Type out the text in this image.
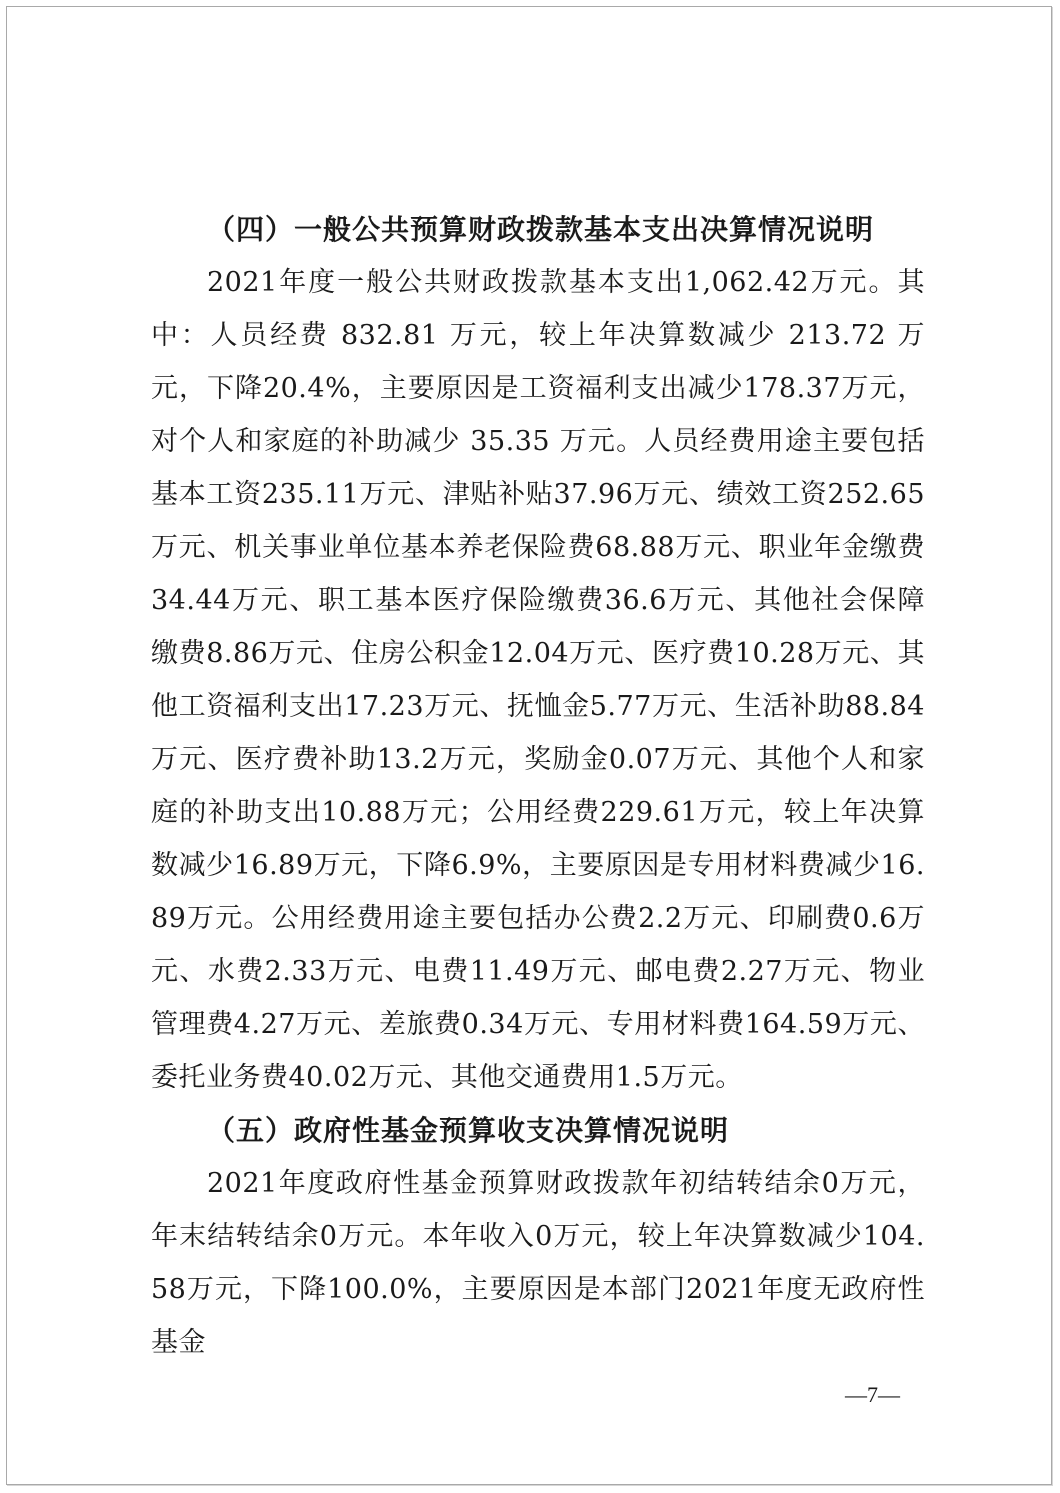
（四）一般公共预算财政拨款基本支出决算情况说明

2021年度一般公共财政拨款基本支出1,062.42万元。其中：人员经费 832.81 万元，较上年决算数减少 213.72 万元，下降20.4%，主要原因是工资福利支出减少178.37万元，对个人和家庭的补助减少 35.35 万元。人员经费用途主要包括基本工资235.11万元、津贴补贴37.96万元、绩效工资252.65万元、机关事业单位基本养老保险费68.88万元、职业年金缴费34.44万元、职工基本医疗保险缴费36.6万元、其他社会保障缴费8.86万元、住房公积金12.04万元、医疗费10.28万元、其他工资福利支出17.23万元、抚恤金5.77万元、生活补助88.84万元、医疗费补助13.2万元，奖励金0.07万元、其他个人和家庭的补助支出10.88万元；公用经费229.61万元，较上年决算数减少16.89万元，下降6.9%，主要原因是专用材料费减少16.89万元。公用经费用途主要包括办公费2.2万元、印刷费0.6万元、水费2.33万元、电费11.49万元、邮电费2.27万元、物业管理费4.27万元、差旅费0.34万元、专用材料费164.59万元、委托业务费40.02万元、其他交通费用1.5万元。

（五）政府性基金预算收支决算情况说明

2021年度政府性基金预算财政拨款年初结转结余0万元，年末结转结余0万元。本年收入0万元，较上年决算数减少104.58万元，下降100.0%，主要原因是本部门2021年度无政府性基金

—7—
